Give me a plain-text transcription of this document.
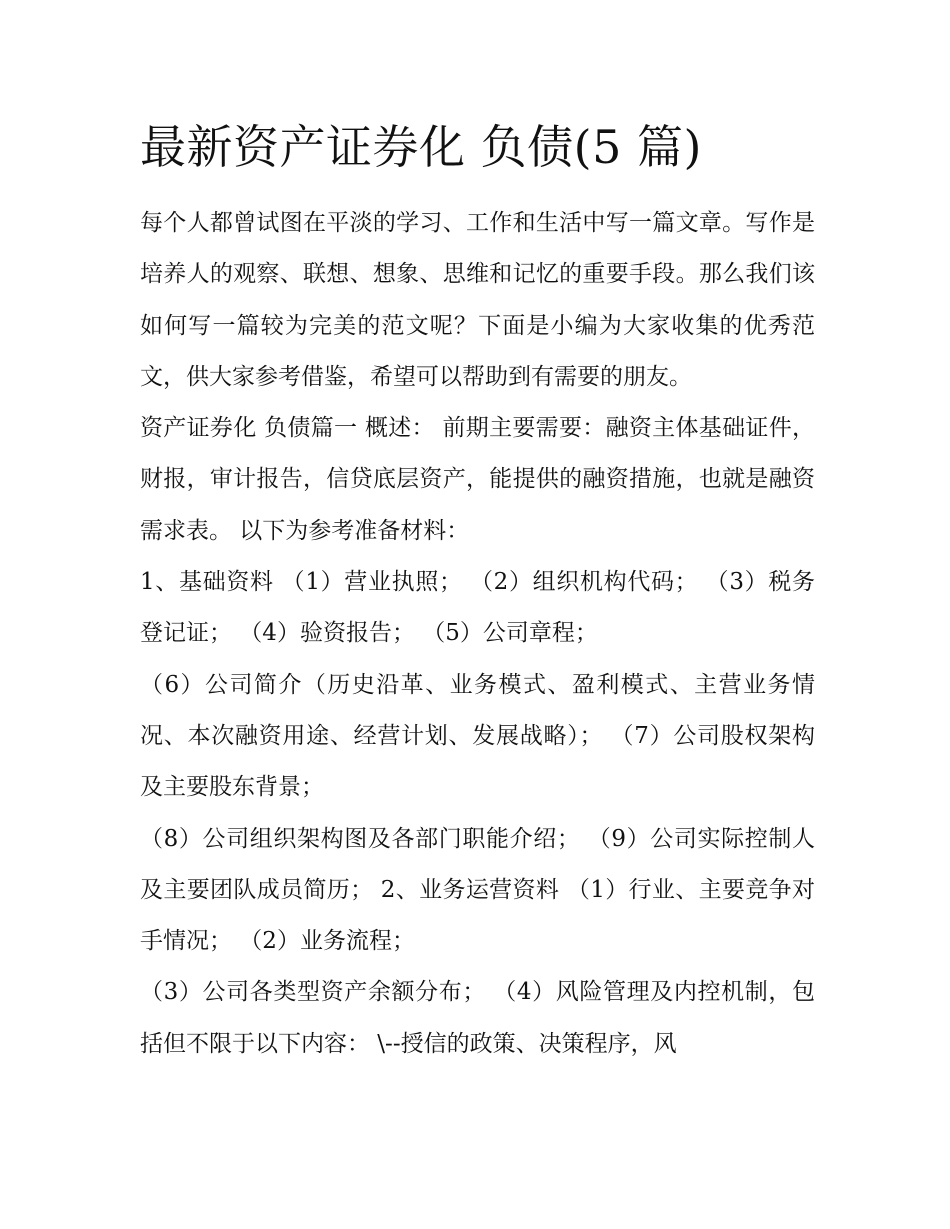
最新资产证券化 负债(5 篇)

每个人都曾试图在平淡的学习、工作和生活中写一篇文章。写作是培养人的观察、联想、想象、思维和记忆的重要手段。那么我们该如何写一篇较为完美的范文呢？下面是小编为大家收集的优秀范文，供大家参考借鉴，希望可以帮助到有需要的朋友。

资产证券化 负债篇一 概述： 前期主要需要：融资主体基础证件，财报，审计报告，信贷底层资产，能提供的融资措施，也就是融资需求表。 以下为参考准备材料：

1、基础资料 （1）营业执照； （2）组织机构代码； （3）税务登记证； （4）验资报告； （5）公司章程；

（6）公司简介（历史沿革、业务模式、盈利模式、主营业务情况、本次融资用途、经营计划、发展战略）； （7）公司股权架构及主要股东背景；

（8）公司组织架构图及各部门职能介绍； （9）公司实际控制人及主要团队成员简历； 2、业务运营资料 （1）行业、主要竞争对手情况； （2）业务流程；

（3）公司各类型资产余额分布； （4）风险管理及内控机制，包括但不限于以下内容： \--授信的政策、决策程序，风
